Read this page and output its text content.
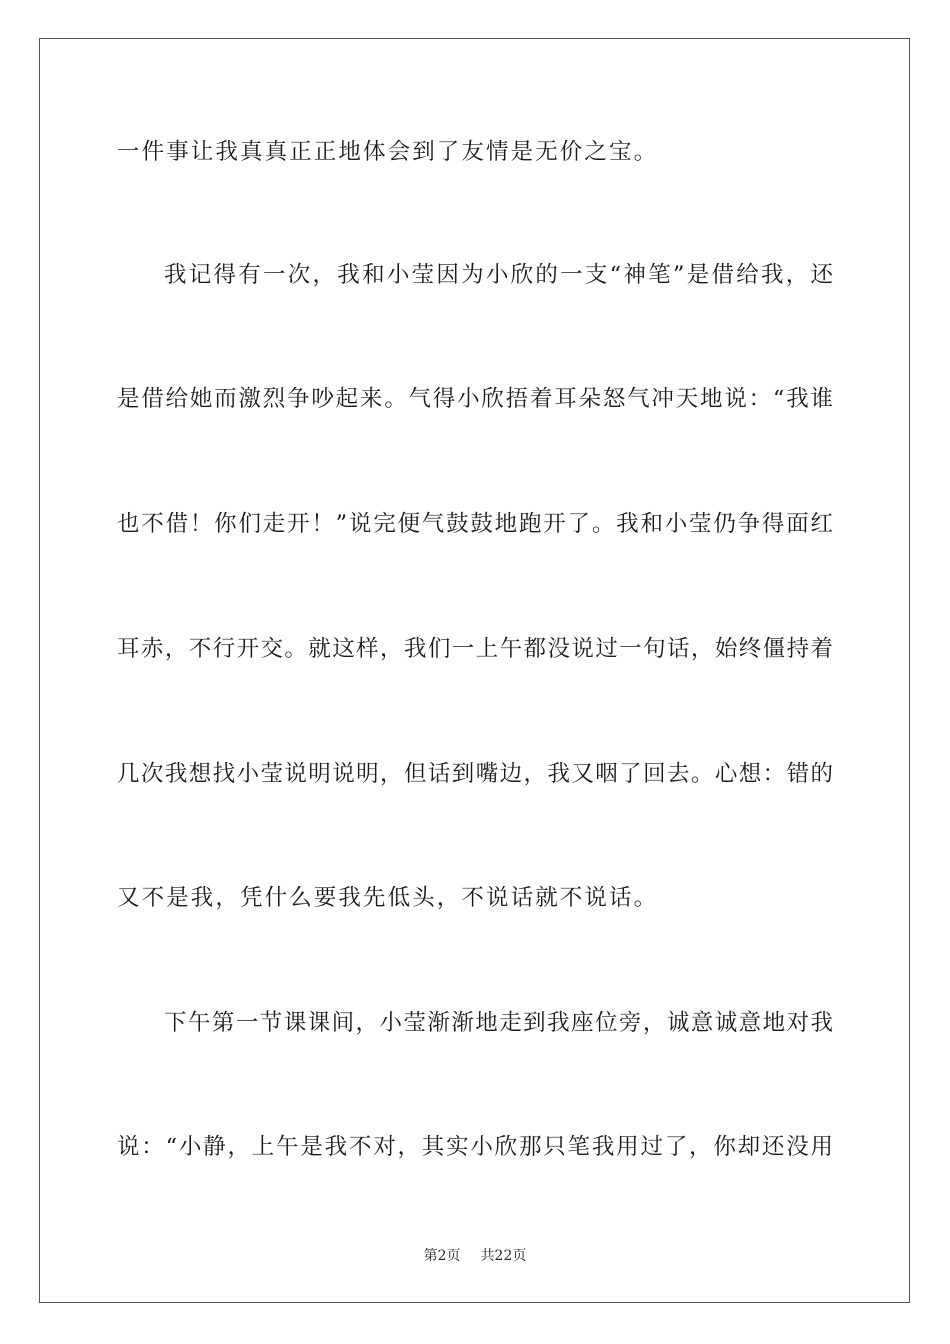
一件事让我真真正正地体会到了友情是无价之宝。
我记得有一次，我和小莹因为小欣的一支“神笔”是借给我，还
是借给她而激烈争吵起来。气得小欣捂着耳朵怒气冲天地说：“我谁
也不借！你们走开！”说完便气鼓鼓地跑开了。我和小莹仍争得面红
耳赤，不行开交。就这样，我们一上午都没说过一句话，始终僵持着
几次我想找小莹说明说明，但话到嘴边，我又咽了回去。心想：错的
又不是我，凭什么要我先低头，不说话就不说话。
下午第一节课课间，小莹渐渐地走到我座位旁，诚意诚意地对我
说：“小静，上午是我不对，其实小欣那只笔我用过了，你却还没用
第2页 共22页
